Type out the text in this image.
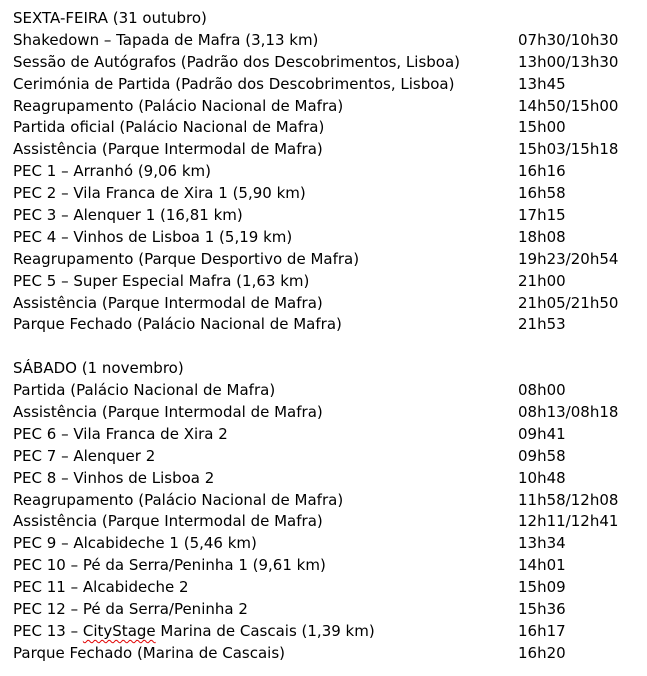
SEXTA-FEIRA (31 outubro)
Shakedown – Tapada de Mafra (3,13 km)	07h30/10h30
Sessão de Autógrafos (Padrão dos Descobrimentos, Lisboa)	13h00/13h30
Cerimónia de Partida (Padrão dos Descobrimentos, Lisboa)	13h45
Reagrupamento (Palácio Nacional de Mafra)	14h50/15h00
Partida oficial (Palácio Nacional de Mafra)	15h00
Assistência (Parque Intermodal de Mafra)	15h03/15h18
PEC 1 – Arranhó (9,06 km)	16h16
PEC 2 – Vila Franca de Xira 1 (5,90 km)	16h58
PEC 3 – Alenquer 1 (16,81 km)	17h15
PEC 4 – Vinhos de Lisboa 1 (5,19 km)	18h08
Reagrupamento (Parque Desportivo de Mafra)	19h23/20h54
PEC 5 – Super Especial Mafra (1,63 km)	21h00
Assistência (Parque Intermodal de Mafra)	21h05/21h50
Parque Fechado (Palácio Nacional de Mafra)	21h53
SÁBADO (1 novembro)
Partida (Palácio Nacional de Mafra)	08h00
Assistência (Parque Intermodal de Mafra)	08h13/08h18
PEC 6 – Vila Franca de Xira 2	09h41
PEC 7 – Alenquer 2	09h58
PEC 8 – Vinhos de Lisboa 2	10h48
Reagrupamento (Palácio Nacional de Mafra)	11h58/12h08
Assistência (Parque Intermodal de Mafra)	12h11/12h41
PEC 9 – Alcabideche 1 (5,46 km)	13h34
PEC 10 – Pé da Serra/Peninha 1 (9,61 km)	14h01
PEC 11 – Alcabideche 2	15h09
PEC 12 – Pé da Serra/Peninha 2	15h36
PEC 13 – CityStage Marina de Cascais (1,39 km)	16h17
Parque Fechado (Marina de Cascais)	16h20
